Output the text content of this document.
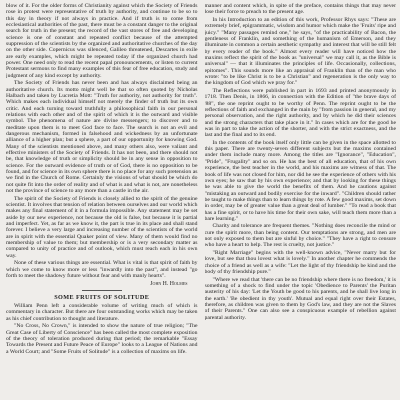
blow of it. For the older forms of Christianity against which the Society of Friends rose in protest were representative of truth by authority, and continue to be so to this day in theory if not always in practice. And if truth is to come from ecclesiastical authorities of the past, there must be a constant danger to the original search for truth in the present; the record of the vast stores of free and developing science is one of constant and repeated conflict because of the attempted suppression of the scientists by the organized and authoritative churches of the day on the other side. Copernicus was silenced, Galileo threatened, Descartes in exile are early examples, which might be repeated today if the organized church had power. One need only to read the recent papal pronouncements, or listen to current Protestant sermons to find many examples of this fear of free education, study and judgment of any kind except by authority.

The Society of Friends has never been and has always disclaimed being an authoritative church. Its motto might well be that so often quoted by Nicholas Halbach and taken by Lucretia Mott: "Truth for authority, not authority for truth". Which makes each individual himself not merely the finder of truth but its own critic. And each turning toward truthfully a philosophical faith in our personal relations with each other and of the spirit of which it is the outward and visible symbol. The phenomena of nature are divine messengers; to discover and to meditate upon them is to meet God face to face. The search is not an evil and dangerous mechanism, formed in falsehood and wickedness by an unfortunate alliance of a higher plan; but a sphere, a part of our opportunity for knowing God. Many of the scientists mentioned above, and many others also, were valiant and effective ministers of the Society of Friends. It has not been, and there should not be, that knowledge of truth or simplicity should be in any sense in opposition to science. For the outward evidence of truth or of God, there is no opposition to be found, and for science in its own sphere there is no place for any such pretension as we find in the Church of Rome. Certainly the visions of what should be which do not quite fit into the order of reality and of what is and what is not, are nonetheless not the province of science to any more than a castle in the air.

The spirit of the Society of Friends is closely allied to the spirit of the genuine scientist. It involves that tension of relation between ourselves and our world which makes any final statement of it in a formula impossible. Any statement may be set aside by our new experience, not because the old is false, but because it is partial and imperfect. Yet, as far as we know it, the part is true in its place and shall stand forever. I believe a very large and increasing number of the scientists of the world are in spirit with the essential Quaker point of view. Many of them would find no membership of value to them; but membership or is a very secondary matter as compared to unity of practice and of outlook, which must reach each in his own way.

None of these various things are essential. What is vital is that spirit of faith by which we come to know more or less "inwardly into the past", and instead "go forth to meet the shadowy future without fear and with manly hearts".

John H. Holmes
SOME FRUITS OF SOLITUDE

William Penn left a considerable volume of writing much of which is commentary in character. But there are four outstanding works which may be taken as his chief contribution to thought and literature.

"No Cross, No Crown," is intended to show the nature of true religion; "The Great Case of Liberty of Conscience" has been called the most complete exposition of the theory of toleration produced during that period; the remarkable "Essay Towards the Present and Future Peace of Europe" looks to a League of Nations and a World Court; and "Some Fruits of Solitude" is a collection of maxims on life.

manner and content which, in spite of the preface, contains things that may never lose their force to preach to the present age.

In his Introduction to an edition of this work, Professor Rhys says: "These are extremely brief, epigrammatic, wisdom and humor which make the 'Fruits' ripe and juicy." "Many passages remind one," he says, "of the practicability of Bacon, the gentleness of Franklin, and something of the humanism of Emerson, and they illuminate in common a certain aesthetic sympathy and interest that will be still felt by every reader of the book." Almost every reader will have noticed how the maxims reflect the spirit of the book as "universal" we may call it, as the Bible is universal" — that it illuminates the principles of life. Occasionally, collections, epitomes". This sounds more like an appraisal of Franklin than of the man who wrote: "to be like Christ is to be a Christian" and regeneration is the only way to the kingdom of God which we pray for."

The Reflections were published in part in 1693 and printed anonymously in 1718. Then Denis, in 1866, in connection with the Edition of "the brave days of '88", the one reprint ought to be worthy of Penn. The reprint ought to be the reflections of faith and exchanged in the main by "from passion in general, and my personal observation, and the right authority, and by which he did their sciences and the strong characters that take place in it." In cases which are for the good he was in part to take the action of the shorter, and with the strict exactness, and the last and the final and to its end.

In the contents of the book itself only little can be given in the space allotted to this paper. There are twenty-seven different subjects but the maxims contained under them include many more. Among the titles are "Ignorance", "Education", "Pride", "Frugality" and so on. He has the best of all education, that of his own experience, the best teacher in the world, and his maxims are witness of that. The book of life was not closed for him, nor did he see the experience of others with his own eyes; he saw that by his own experience; and that by looking for these things he was able to give the world the benefits of them. And he cautions against "mistaking an outward and bodily exercise for the inward". "Children should rather be taught to make things than to learn things by rote. A few good maxims, set down in order, may be of greater value than a great deal of lumber." "To read a book that has a fine spirit, or to have his time for their own sake, will teach them more than a bare learning."

Charity and tolerance are frequent themes. "Nothing does reconcile the mind or cure the spirit more, than being content. Our temptations are strong, and men are not only exposed to them but are sinful by choice." "They have a right to censure who have a heart to help. The rest is cruelty, not justice."

"Right Marriage" begins with the well-known advice, "Never marry but for love, but see that thou lovest what is lovely." In another chapter he commends the choice of a friend as well as a wife: "Let the light of thy friendship be kind and the body of thy friendship pure."

"Where we read that 'there can be no friendship where there is no freedom,' it is something of a shock to find under the topic 'Obedience to Parents' the Puritan austerity of his day: 'Let the Youth be good to his parents, and he shall live long in the earth.' 'Be obedient in thy youth'. Mutual and equal right over their Estates, therefore, as children was given to them by God's law, and they are not the Slaves of their Parents." One can also see a conspicuous example of rebellion against parental authority.
